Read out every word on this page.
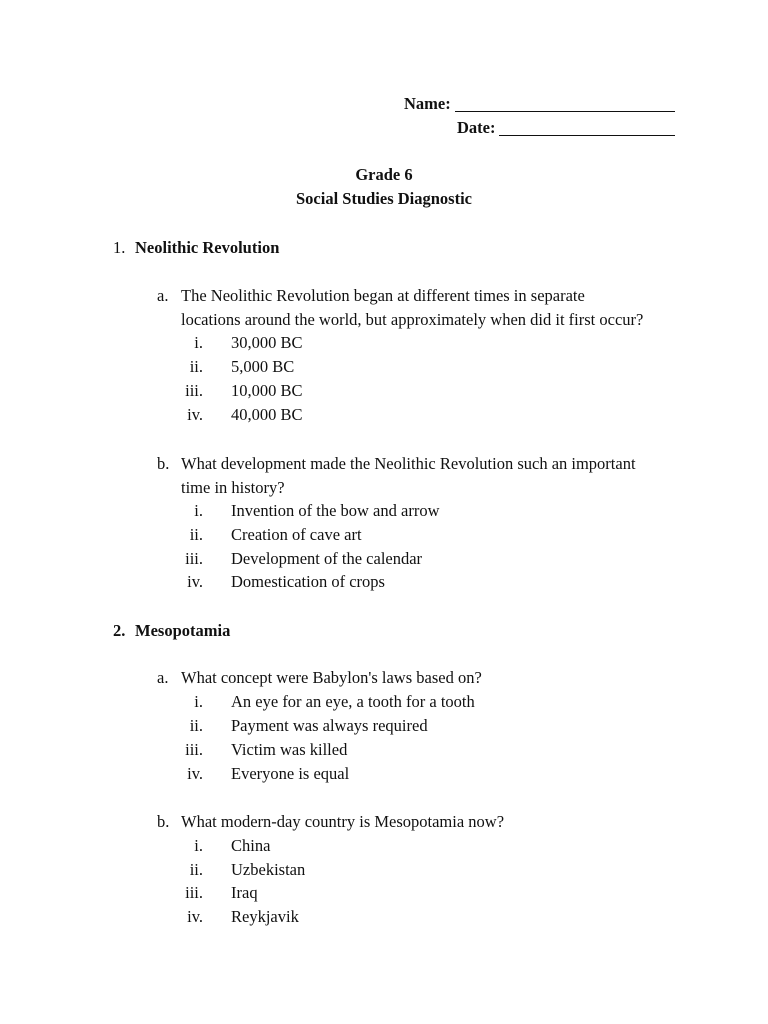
Name:
Date:
Grade 6
Social Studies Diagnostic
1. Neolithic Revolution
a. The Neolithic Revolution began at different times in separate
locations around the world, but approximately when did it first occur?
i.	30,000 BC
ii.	5,000 BC
iii.	10,000 BC
iv.	40,000 BC
b. What development made the Neolithic Revolution such an important
time in history?
i.	Invention of the bow and arrow
ii.	Creation of cave art
iii.	Development of the calendar
iv.	Domestication of crops
2. Mesopotamia
a. What concept were Babylon's laws based on?
i.	An eye for an eye, a tooth for a tooth
ii.	Payment was always required
iii.	Victim was killed
iv.	Everyone is equal
b. What modern-day country is Mesopotamia now?
i.	China
ii.	Uzbekistan
iii.	Iraq
iv.	Reykjavik
